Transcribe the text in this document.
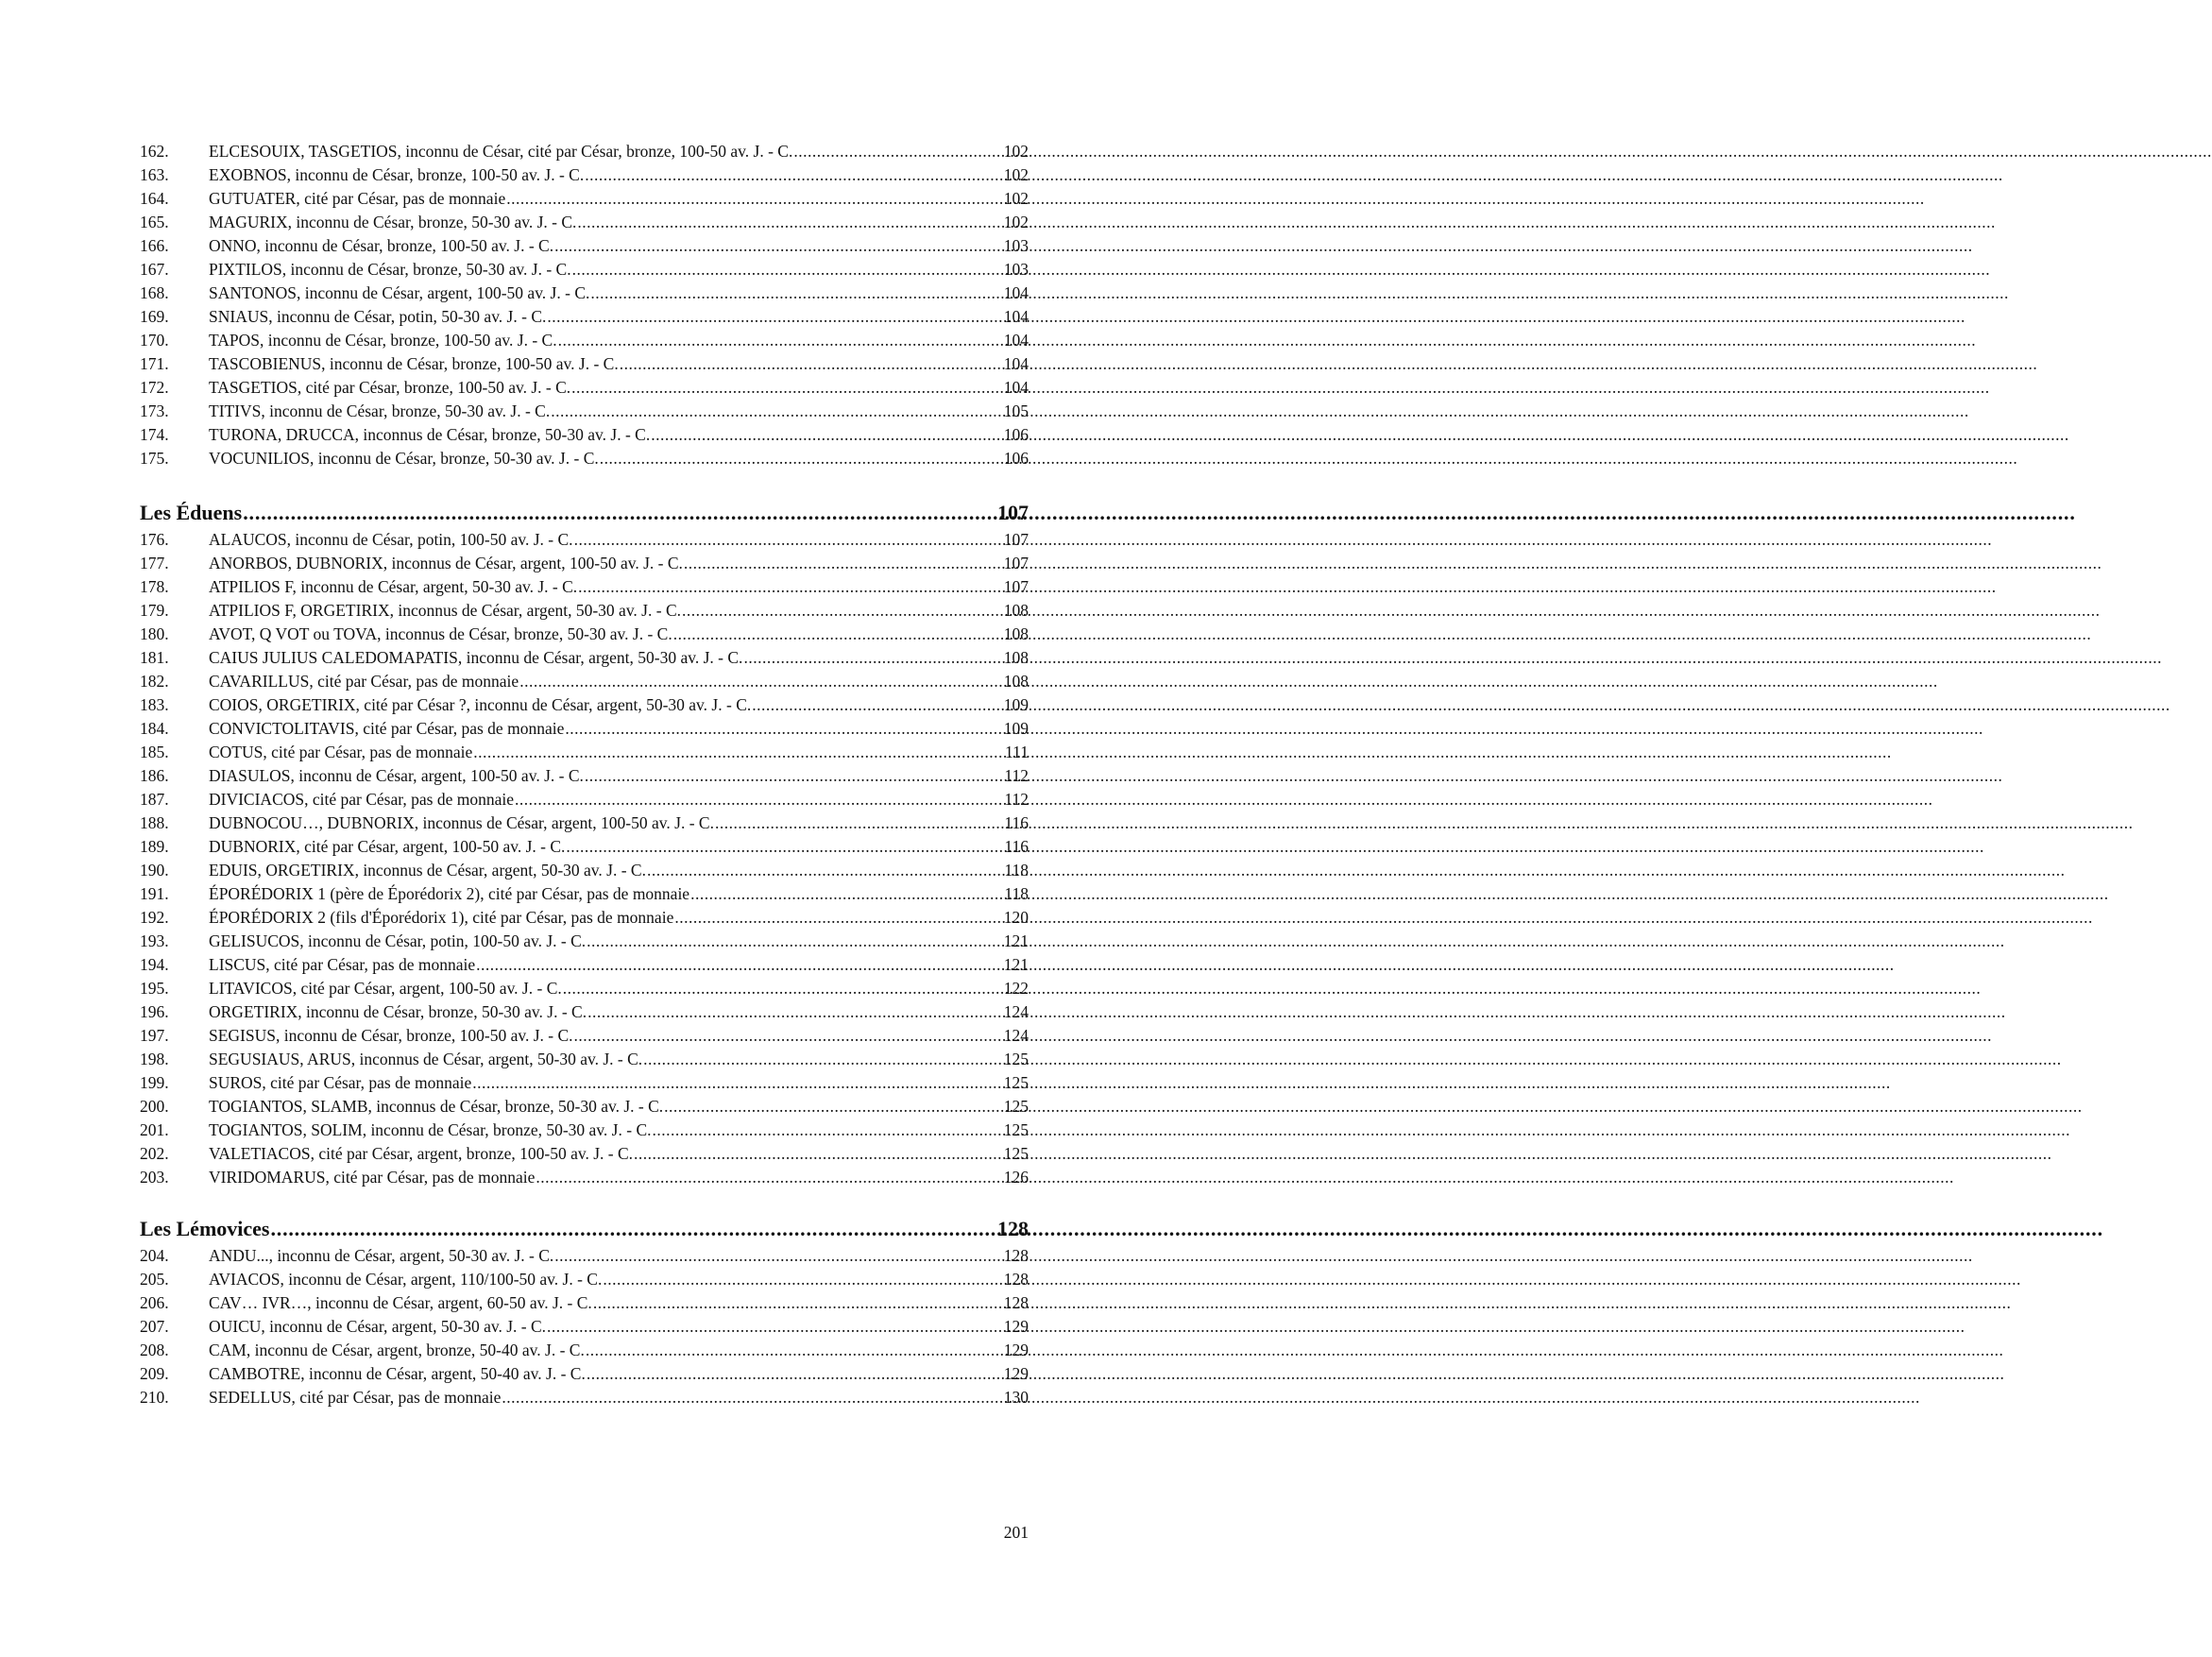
162.	ELCESOUIX, TASGETIOS, inconnu de César, cité par César, bronze, 100-50 av. J. - C. .....	102
163.	EXOBNOS, inconnu de César, bronze, 100-50 av. J. - C. .....	102
164.	GUTUATER, cité par César, pas de monnaie .....	102
165.	MAGURIX, inconnu de César, bronze, 50-30 av. J. - C. .....	102
166.	ONNO, inconnu de César, bronze, 100-50 av. J. - C. .....	103
167.	PIXTILOS, inconnu de César, bronze, 50-30 av. J. - C. .....	103
168.	SANTONOS, inconnu de César, argent, 100-50 av. J. - C. .....	104
169.	SNIAUS, inconnu de César, potin, 50-30 av. J. - C. .....	104
170.	TAPOS, inconnu de César, bronze, 100-50 av. J. - C. .....	104
171.	TASCOBIENUS, inconnu de César, bronze, 100-50 av. J. - C. .....	104
172.	TASGETIOS, cité par César, bronze, 100-50 av. J. - C. .....	104
173.	TITIVS, inconnu de César, bronze, 50-30 av. J. - C. .....	105
174.	TURONA, DRUCCA, inconnus de César, bronze, 50-30 av. J. - C. .....	106
175.	VOCUNILIOS, inconnu de César, bronze, 50-30 av. J. - C. .....	106
Les Éduens .....	107
176.	ALAUCOS, inconnu de César, potin, 100-50 av. J. - C. .....	107
177.	ANORBOS, DUBNORIX, inconnus de César, argent, 100-50 av. J. - C. .....	107
178.	ATPILIOS F, inconnu de César, argent, 50-30 av. J. - C. .....	107
179.	ATPILIOS F, ORGETIRIX, inconnus de César, argent, 50-30 av. J. - C. .....	108
180.	AVOT, Q VOT ou TOVA, inconnus de César, bronze, 50-30 av. J. - C. .....	108
181.	CAIUS JULIUS CALEDOMAPATIS, inconnu de César, argent, 50-30 av. J. - C. .....	108
182.	CAVARILLUS, cité par César, pas de monnaie .....	108
183.	COIOS, ORGETIRIX, cité par César ?, inconnu de César, argent, 50-30 av. J. - C. .....	109
184.	CONVICTOLITAVIS, cité par César, pas de monnaie .....	109
185.	COTUS, cité par César, pas de monnaie .....	111
186.	DIASULOS, inconnu de César, argent, 100-50 av. J. - C. .....	112
187.	DIVICIACOS, cité par César, pas de monnaie .....	112
188.	DUBNOCOU…, DUBNORIX, inconnus de César, argent, 100-50 av. J. - C. .....	116
189.	DUBNORIX, cité par César, argent, 100-50 av. J. - C. .....	116
190.	EDUIS, ORGETIRIX, inconnus de César, argent, 50-30 av. J. - C. .....	118
191.	ÉPORÉDORIX 1 (père de Éporédorix 2), cité par César, pas de monnaie .....	118
192.	ÉPORÉDORIX 2 (fils d'Éporédorix 1), cité par César, pas de monnaie .....	120
193.	GELISUCOS, inconnu de César, potin, 100-50 av. J. - C. .....	121
194.	LISCUS, cité par César, pas de monnaie .....	121
195.	LITAVICOS, cité par César, argent, 100-50 av. J. - C. .....	122
196.	ORGETIRIX, inconnu de César, bronze, 50-30 av. J. - C. .....	124
197.	SEGISUS, inconnu de César, bronze, 100-50 av. J. - C. .....	124
198.	SEGUSIAUS, ARUS, inconnus de César, argent, 50-30 av. J. - C. .....	125
199.	SUROS, cité par César, pas de monnaie .....	125
200.	TOGIANTOS, SLAMB, inconnus de César, bronze, 50-30 av. J. - C. .....	125
201.	TOGIANTOS, SOLIM, inconnu de César, bronze, 50-30 av. J. - C. .....	125
202.	VALETIACOS, cité par César, argent, bronze, 100-50 av. J. - C. .....	125
203.	VIRIDOMARUS, cité par César, pas de monnaie .....	126
Les Lémovices .....	128
204.	ANDU..., inconnu de César, argent, 50-30 av. J. - C. .....	128
205.	AVIACOS, inconnu de César, argent, 110/100-50 av. J. - C. .....	128
206.	CAV… IVR…, inconnu de César, argent, 60-50 av. J. - C. .....	128
207.	OUICU, inconnu de César, argent, 50-30 av. J. - C. .....	129
208.	CAM, inconnu de César, argent, bronze, 50-40 av. J. - C. .....	129
209.	CAMBOTRE, inconnu de César, argent, 50-40 av. J. - C. .....	129
210.	SEDELLUS, cité par César, pas de monnaie .....	130
201
